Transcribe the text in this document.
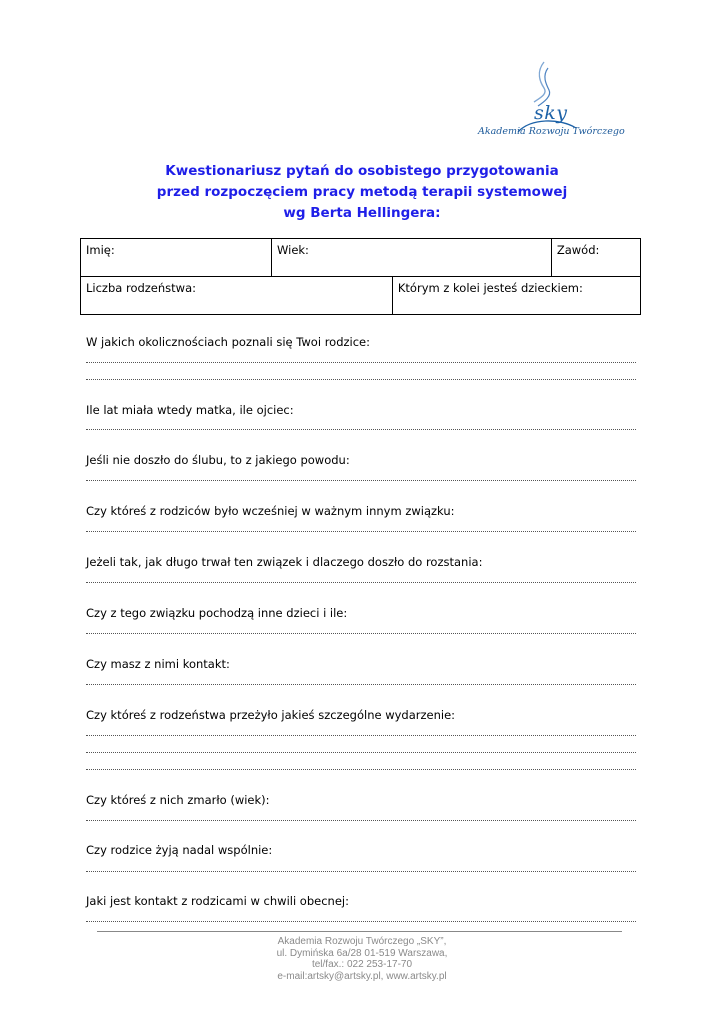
sky
Akademia Rozwoju Twórczego
Kwestionariusz pytań do osobistego przygotowania
przed rozpoczęciem pracy metodą terapii systemowej
wg Berta Hellingera:
Imię:	Wiek:		Zawód:
Liczba rodzeństwa:		Którym z kolei jesteś dzieckiem:	
W jakich okolicznościach poznali się Twoi rodzice:
Ile lat miała wtedy matka, ile ojciec:
Jeśli nie doszło do ślubu, to z jakiego powodu:
Czy któreś z rodziców było wcześniej w ważnym innym związku:
Jeżeli tak, jak długo trwał ten związek i dlaczego doszło do rozstania:
Czy z tego związku pochodzą inne dzieci i ile:
Czy masz z nimi kontakt:
Czy któreś z rodzeństwa przeżyło jakieś szczególne wydarzenie:
Czy któreś z nich zmarło (wiek):
Czy rodzice żyją nadal wspólnie:
Jaki jest kontakt z rodzicami w chwili obecnej:
Akademia Rozwoju Twórczego „SKY”,
ul. Dymińska 6a/28 01-519 Warszawa,
tel/fax.: 022 253-17-70
e-mail:artsky@artsky.pl, www.artsky.pl
